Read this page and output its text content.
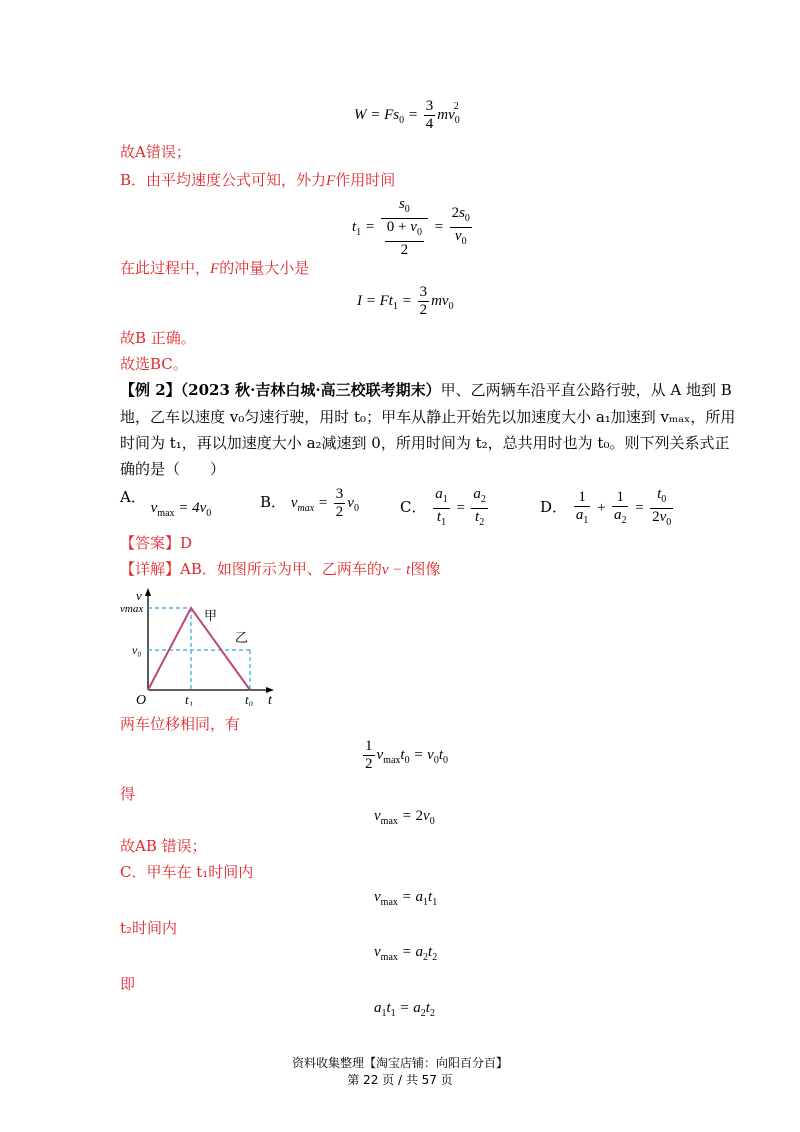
$W = Fs_0 = \frac{3}{4} mv_0^2$
故A错误；
B．由平均速度公式可知，外力F作用时间
$t_1 = \frac{s_0}{\frac{0 + v_0}{2}} = \frac{2s_0}{v_0}$
在此过程中，F的冲量大小是
$I = Ft_1 = \frac{3}{2} mv_0$
故B 正确。
故选BC。
【例 2】（2023 秋·吉林白城·高三校联考期末）甲、乙两辆车沿平直公路行驶，从 A 地到 B
地，乙车以速度 v₀匀速行驶，用时 t₀；甲车从静止开始先以加速度大小 a₁加速到 vₘₐₓ，所用
时间为 t₁，再以加速度大小 a₂减速到 0，所用时间为 t₂，总共用时也为 t₀。则下列关系式正
确的是（　　）
A． $v_{max} = 4v_0$
B． $v_{max} = \frac{3}{2} v_0$	C． $\frac{a_1}{t_1} = \frac{a_2}{t_2}$	D． $\frac{1}{a_1} + \frac{1}{a_2} = \frac{t_0}{2v_0}$
【答案】D
【详解】AB．如图所示为甲、乙两车的v − t图像
v
vmax
v₀
O	t₁	t₀ t
甲
乙
两车位移相同，有
$\frac{1}{2} v_{max}t_0 = v_0t_0$
得
$v_{max} = 2v_0$
故AB 错误；
C．甲车在 t₁时间内
$v_{max} = a_1t_1$
t₂时间内
$v_{max} = a_2t_2$
即
$a_1t_1 = a_2t_2$
资料收集整理【淘宝店铺：向阳百分百】
第 22 页 / 共 57 页
